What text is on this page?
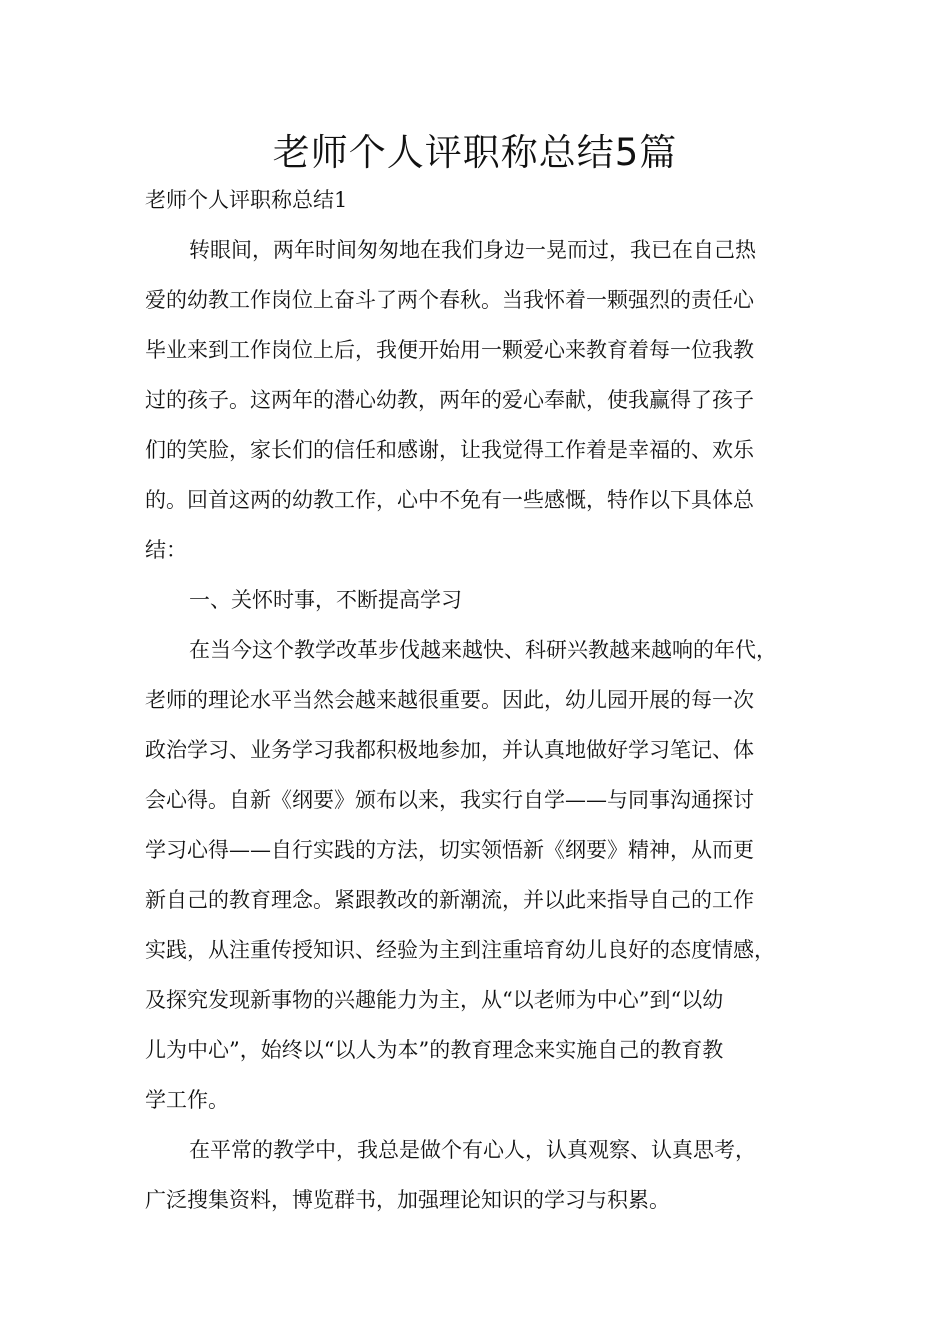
老师个人评职称总结5篇

老师个人评职称总结1

转眼间，两年时间匆匆地在我们身边一晃而过，我已在自己热

爱的幼教工作岗位上奋斗了两个春秋。当我怀着一颗强烈的责任心

毕业来到工作岗位上后，我便开始用一颗爱心来教育着每一位我教

过的孩子。这两年的潜心幼教，两年的爱心奉献，使我赢得了孩子

们的笑脸，家长们的信任和感谢，让我觉得工作着是幸福的、欢乐

的。回首这两的幼教工作，心中不免有一些感慨，特作以下具体总

结：

一、关怀时事，不断提高学习

在当今这个教学改革步伐越来越快、科研兴教越来越响的年代，

老师的理论水平当然会越来越很重要。因此，幼儿园开展的每一次

政治学习、业务学习我都积极地参加，并认真地做好学习笔记、体

会心得。自新《纲要》颁布以来，我实行自学——与同事沟通探讨

学习心得——自行实践的方法，切实领悟新《纲要》精神，从而更

新自己的教育理念。紧跟教改的新潮流，并以此来指导自己的工作

实践，从注重传授知识、经验为主到注重培育幼儿良好的态度情感，

及探究发现新事物的兴趣能力为主，从“以老师为中心”到“以幼

儿为中心”，始终以“以人为本”的教育理念来实施自己的教育教

学工作。

在平常的教学中，我总是做个有心人，认真观察、认真思考，

广泛搜集资料，博览群书，加强理论知识的学习与积累。
